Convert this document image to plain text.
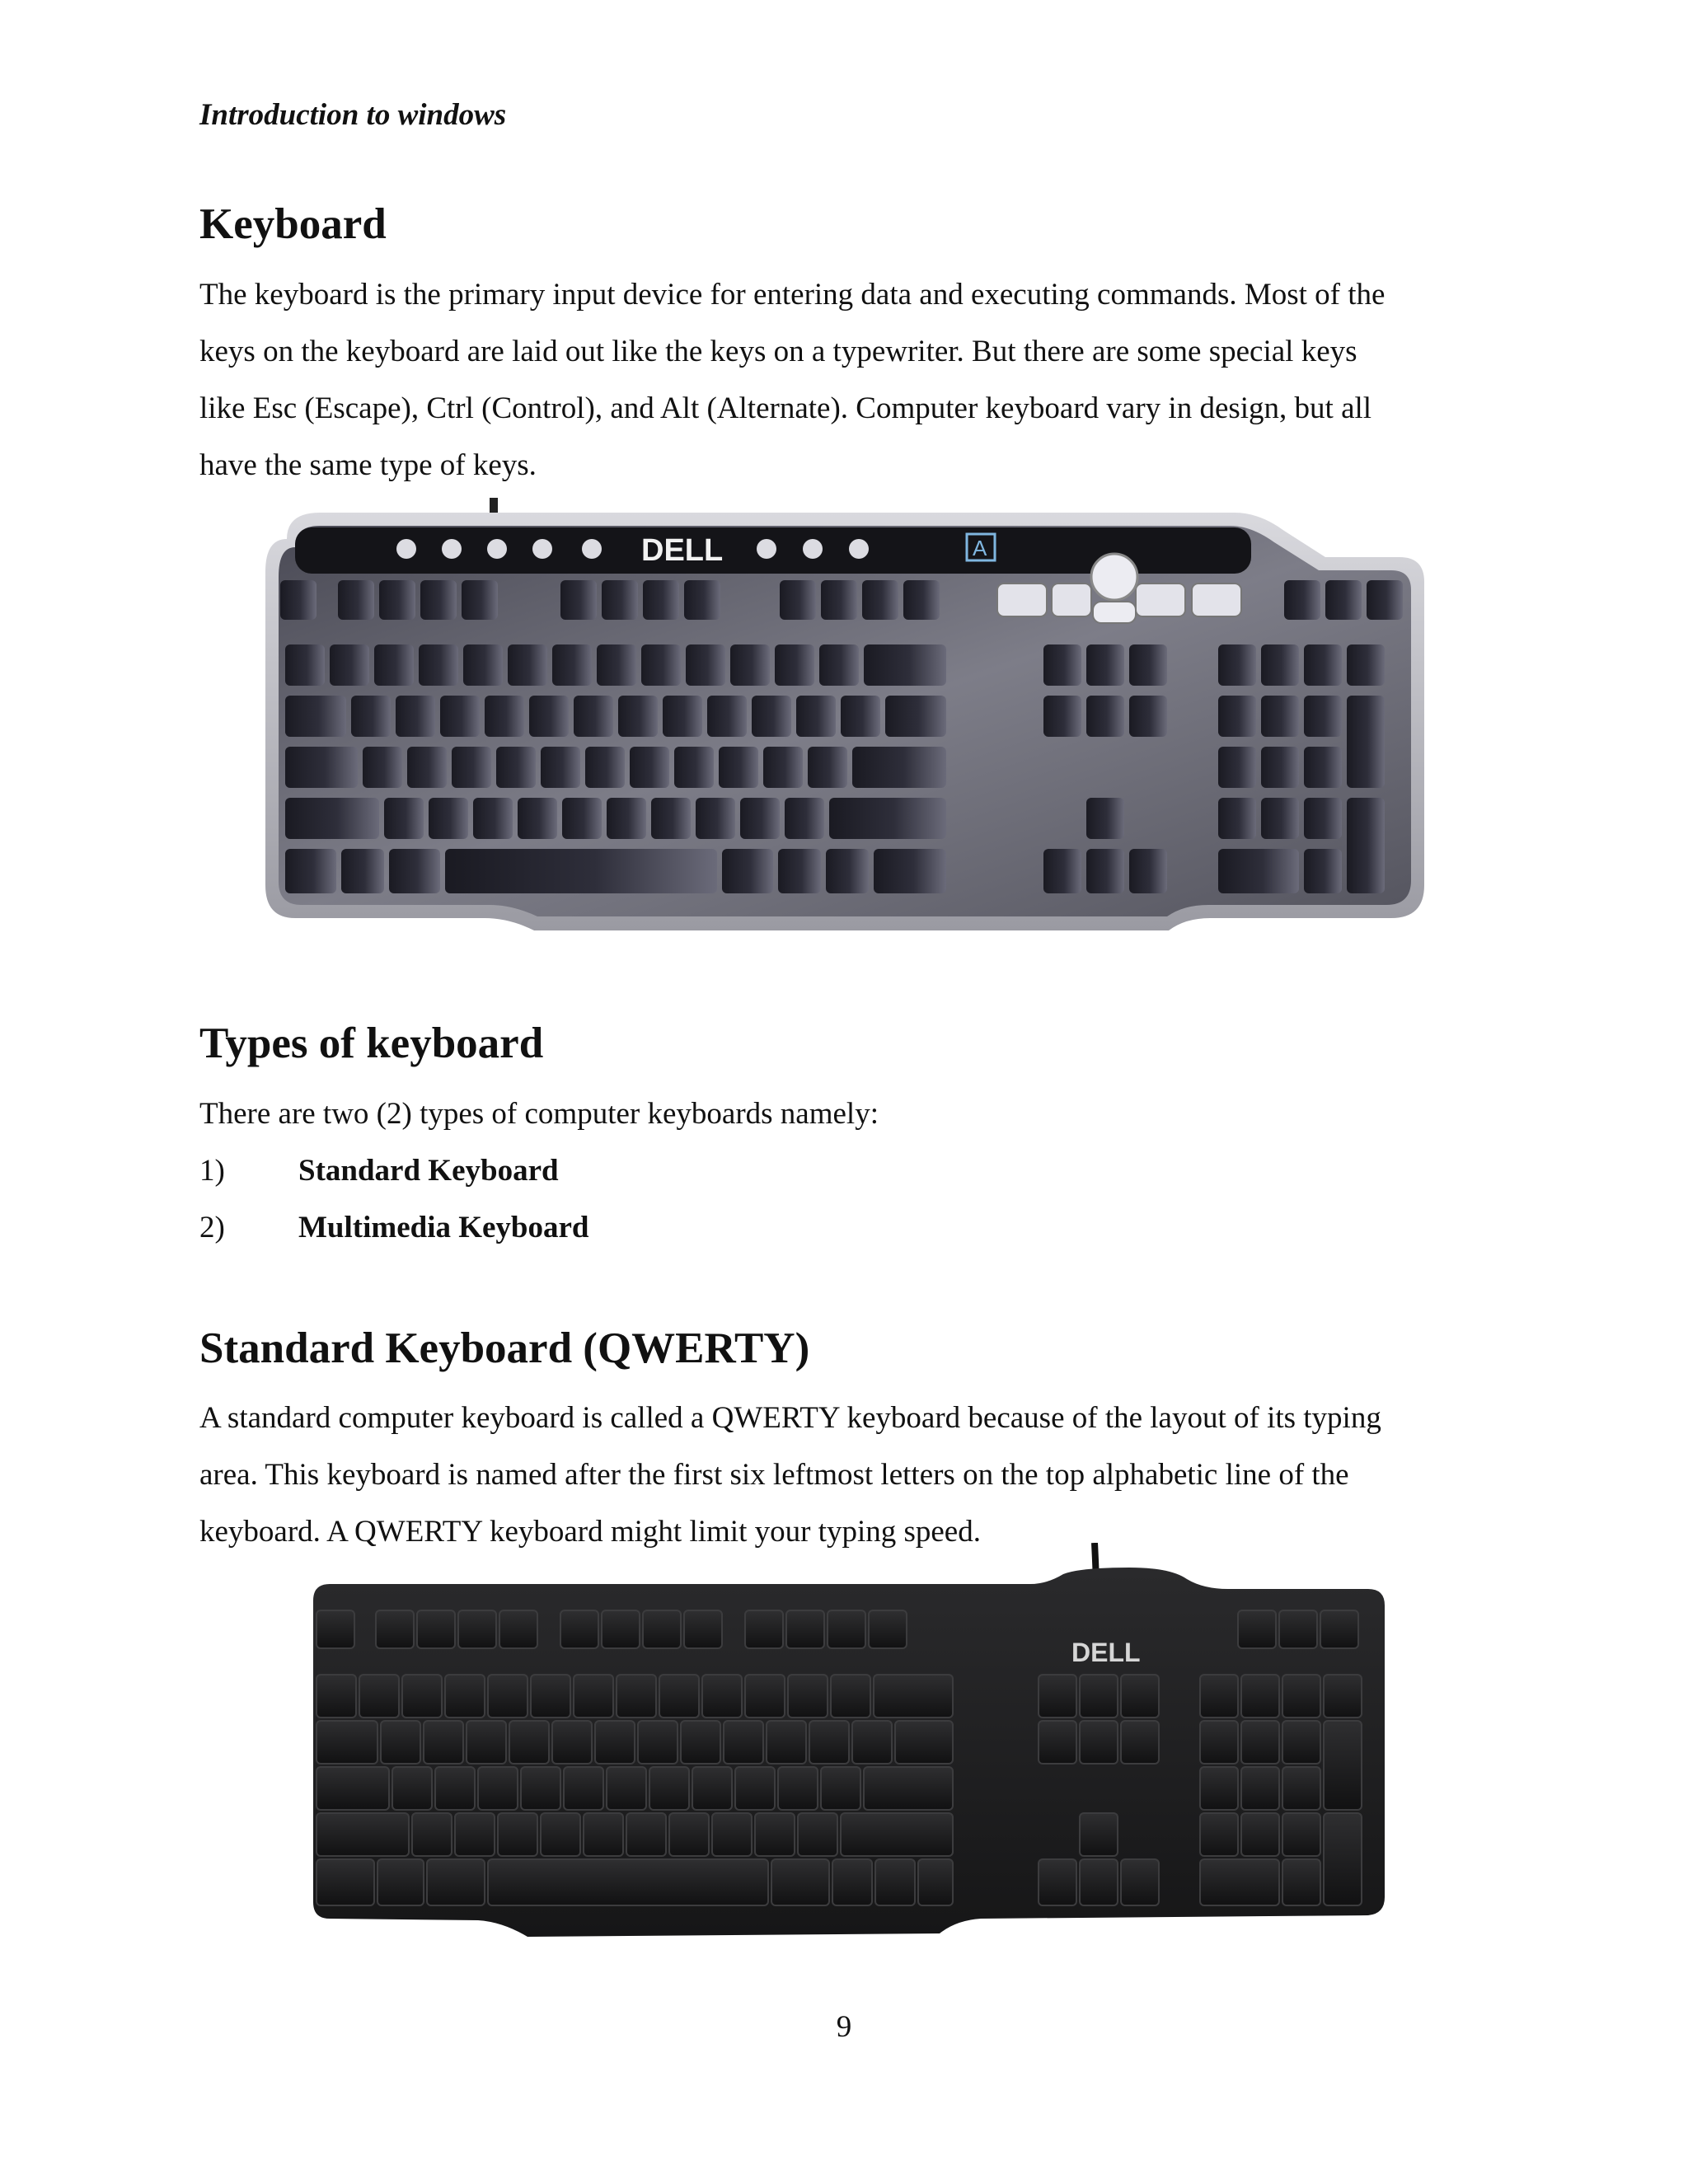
Introduction to windows
Keyboard
The keyboard is the primary input device for entering data and executing commands. Most of the
keys on the keyboard are laid out like the keys on a typewriter. But there are some special keys
like Esc (Escape), Ctrl (Control), and Alt (Alternate). Computer keyboard vary in design, but all
have the same type of keys.
DELL	A
Types of keyboard
There are two (2) types of computer keyboards namely:
1) Standard Keyboard
2) Multimedia Keyboard
Standard Keyboard (QWERTY)
A standard computer keyboard is called a QWERTY keyboard because of the layout of its typing
area. This keyboard is named after the first six leftmost letters on the top alphabetic line of the
keyboard. A QWERTY keyboard might limit your typing speed.
DELL
9
